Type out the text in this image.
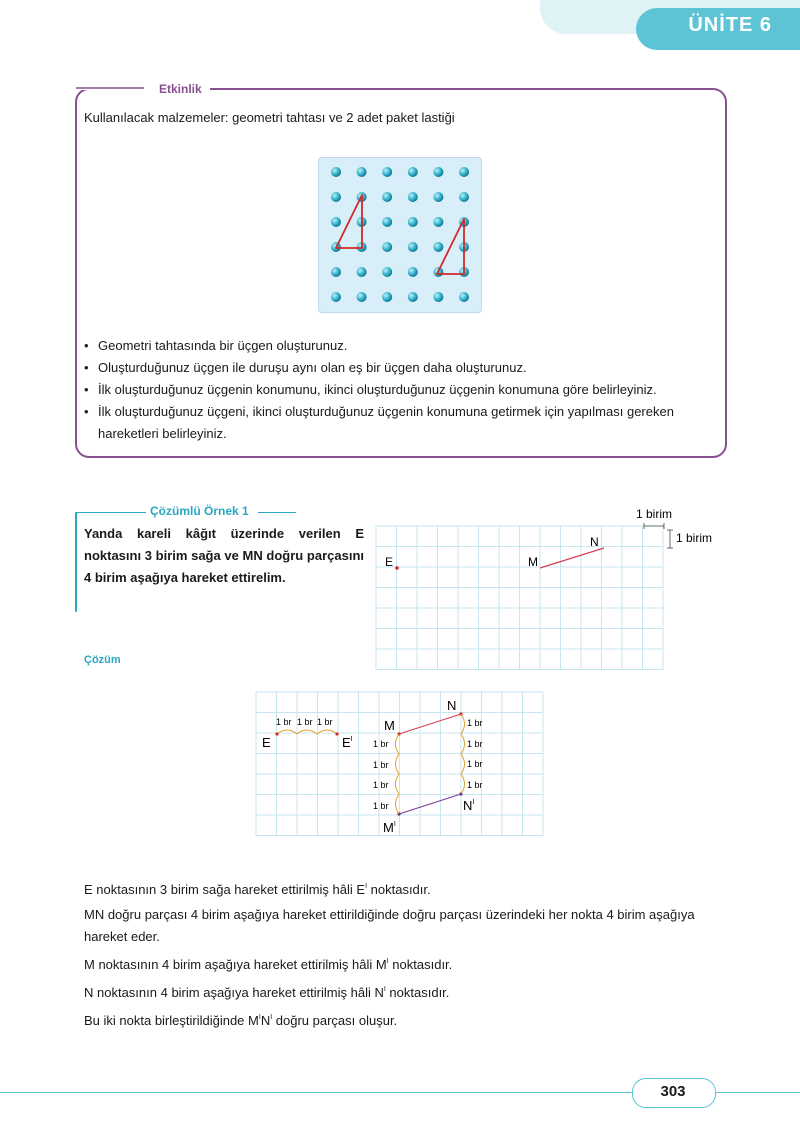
ÜNİTE 6
Etkinlik
Kullanılacak malzemeler: geometri tahtası ve 2 adet paket lastiği
• Geometri tahtasında bir üçgen oluşturunuz.
• Oluşturduğunuz üçgen ile duruşu aynı olan eş bir üçgen daha oluşturunuz.
• İlk oluşturduğunuz üçgenin konumunu, ikinci oluşturduğunuz üçgenin konumuna göre belirleyiniz.
• İlk oluşturduğunuz üçgeni, ikinci oluşturduğunuz üçgenin konumuna getirmek için yapılması gereken hareketleri belirleyiniz.
Çözümlü Örnek 1
Yanda kareli kâğıt üzerinde verilen E noktasını 3 birim sağa ve MN doğru parçasını 4 birim aşağıya hareket ettirelim.
1 birim
1 birim
E	M
N
Çözüm
1 br 1 br 1 br
E	$E^I$
M
N
$M^I$
$N^I$
1 br
1 br
1 br
1 br
1 br
1 br
1 br
1 br

E noktasının 3 birim sağa hareket ettirilmiş hâli $E^I$ noktasıdır.

MN doğru parçası 4 birim aşağıya hareket ettirildiğinde doğru parçası üzerindeki her nokta 4 birim aşağıya hareket eder.

M noktasının 4 birim aşağıya hareket ettirilmiş hâli $M^I$ noktasıdır.

N noktasının 4 birim aşağıya hareket ettirilmiş hâli $N^I$ noktasıdır.

Bu iki nokta birleştirildiğinde $M^IN^I$ doğru parçası oluşur.

303
